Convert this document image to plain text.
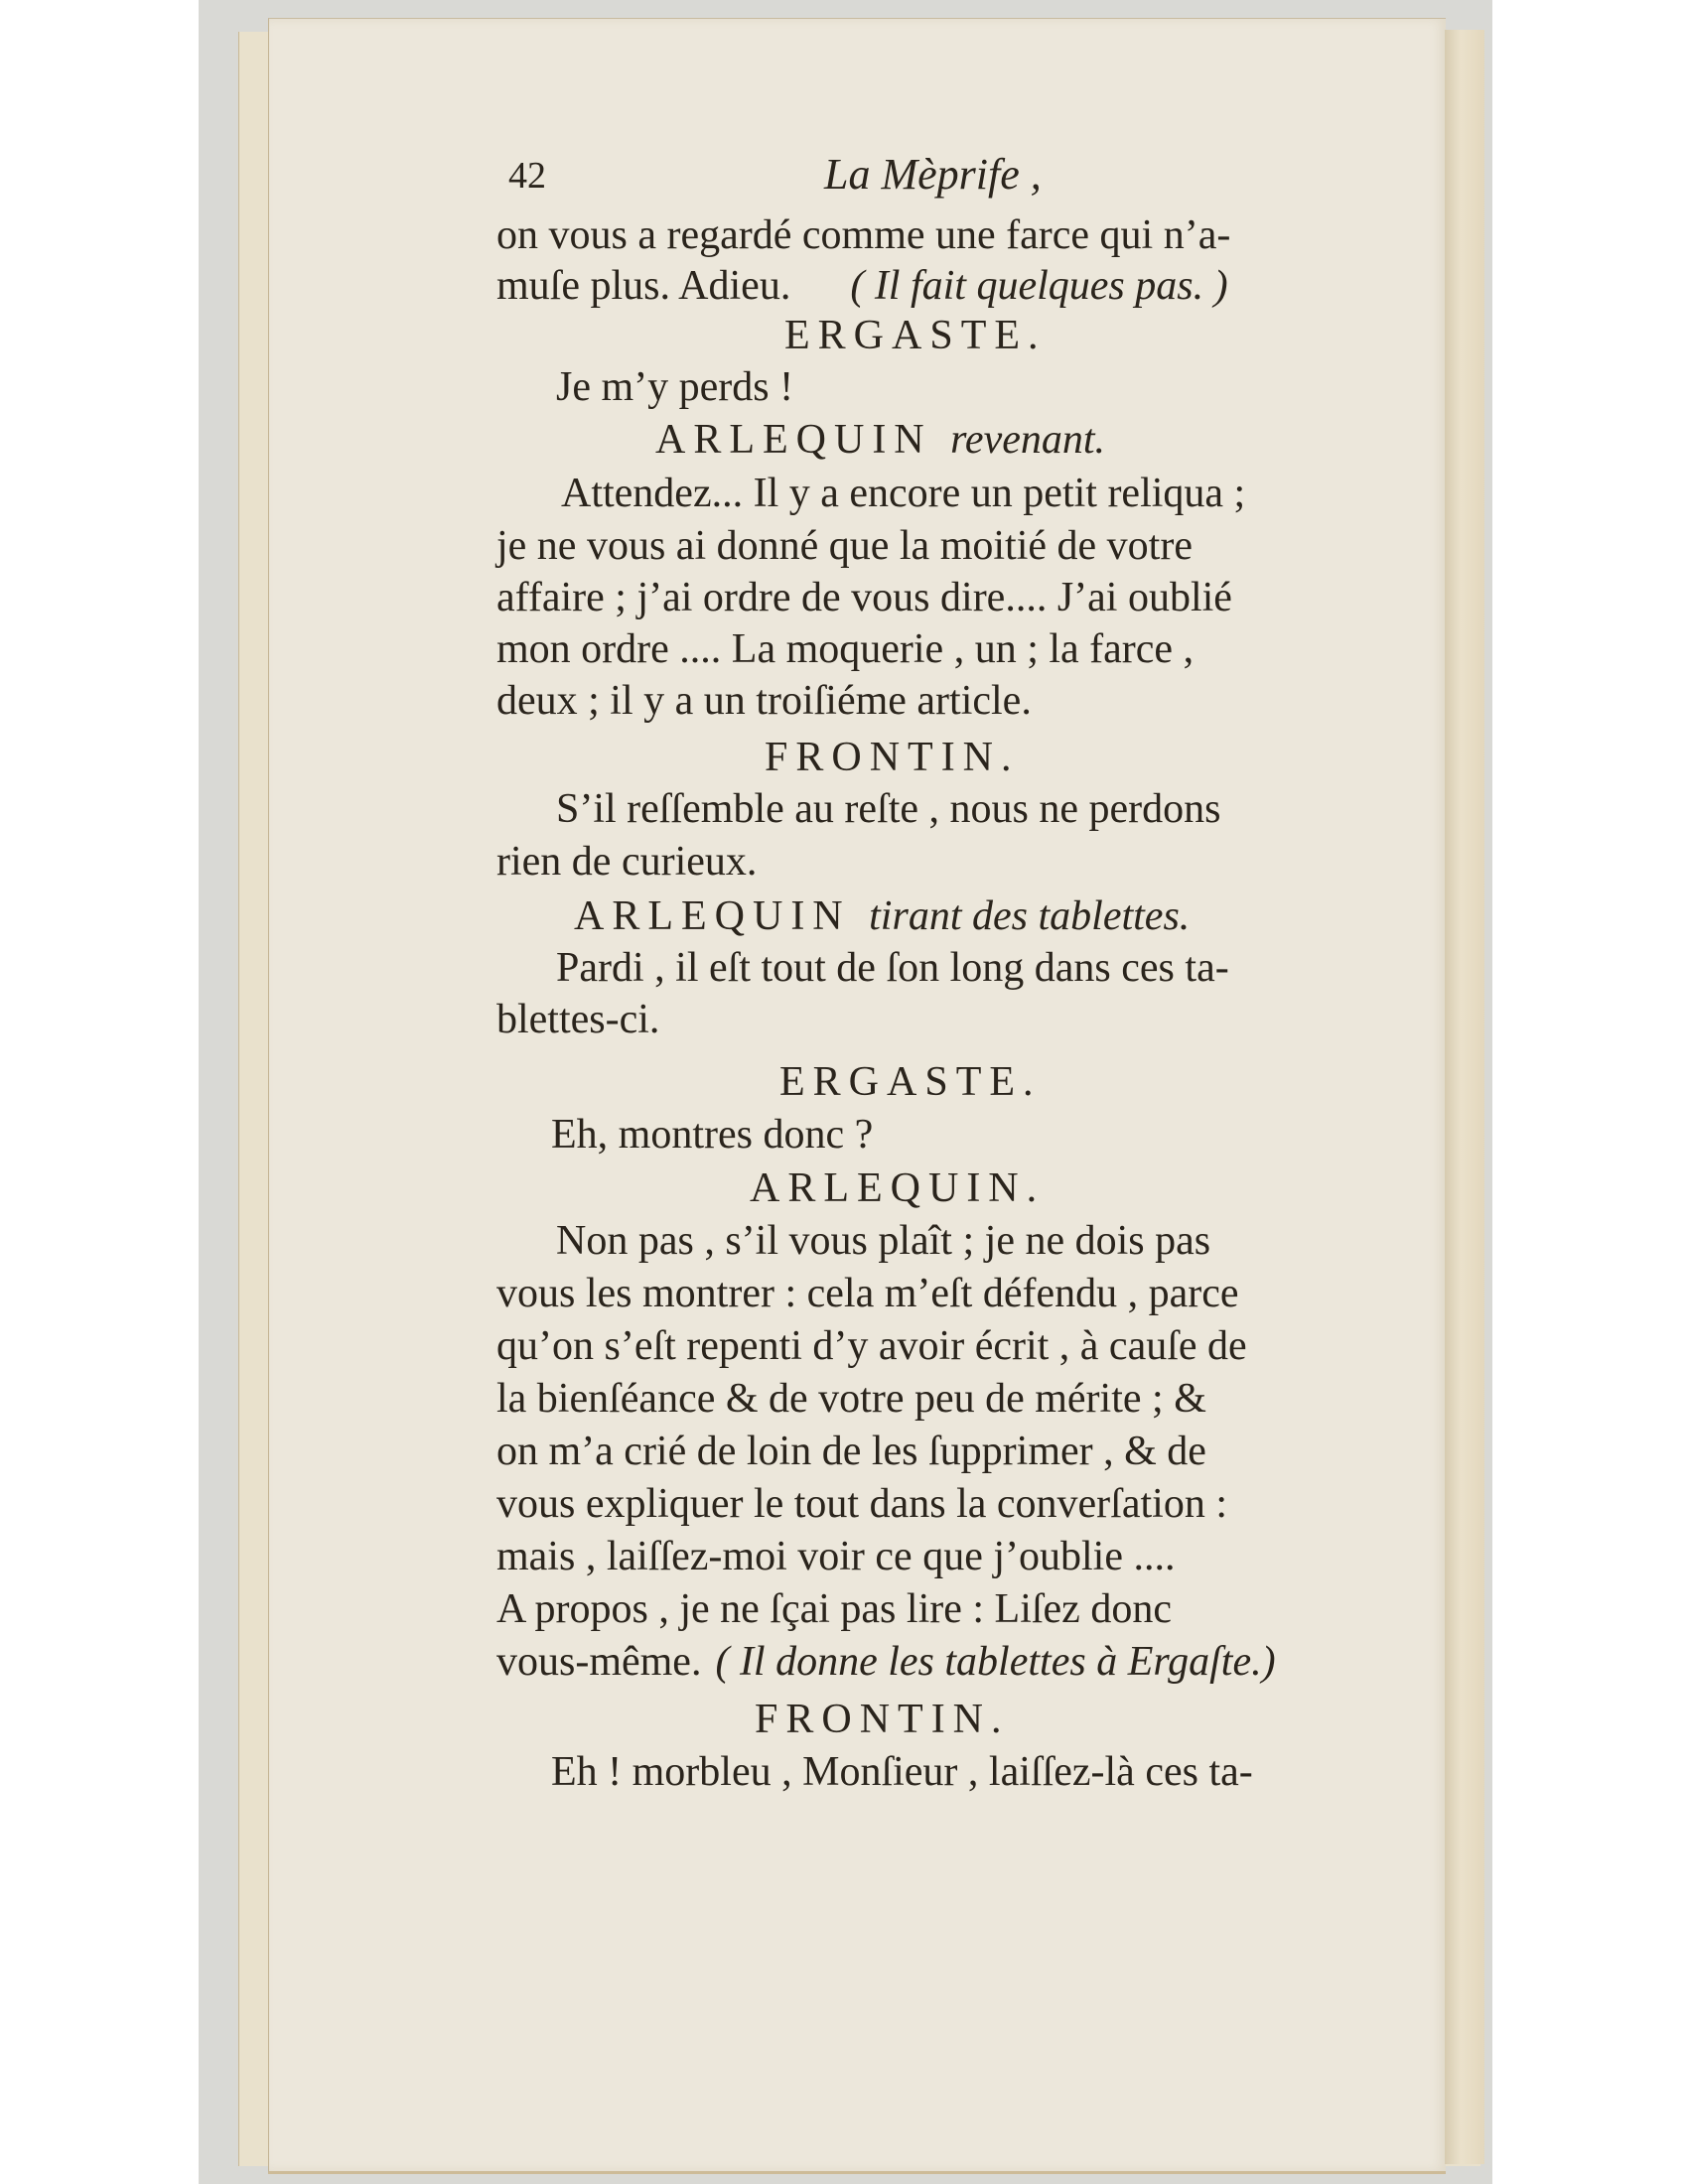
42	La Mèprife ,
on vous a regardé comme une farce qui n’a-
muſe plus. Adieu. ( Il fait quelques pas. )
ERGASTE.
Je m’y perds !
ARLEQUIN revenant.
Attendez... Il y a encore un petit reliqua ;
je ne vous ai donné que la moitié de votre
affaire ; j’ai ordre de vous dire.... J’ai oublié
mon ordre .... La moquerie , un ; la farce ,
deux ; il y a un troiſiéme article.
FRONTIN.
S’il reſſemble au reſte , nous ne perdons
rien de curieux.
ARLEQUIN tirant des tablettes.
Pardi , il eſt tout de ſon long dans ces ta-
blettes-ci.
ERGASTE.
Eh, montres donc ?
ARLEQUIN.
Non pas , s’il vous plaît ; je ne dois pas
vous les montrer : cela m’eſt défendu , parce
qu’on s’eſt repenti d’y avoir écrit , à cauſe de
la bienſéance & de votre peu de mérite ; &
on m’a crié de loin de les ſupprimer , & de
vous expliquer le tout dans la converſation :
mais , laiſſez-moi voir ce que j’oublie ....
A propos , je ne ſçai pas lire : Liſez donc
vous-même. ( Il donne les tablettes à Ergaſte.)
FRONTIN.
Eh ! morbleu , Monſieur , laiſſez-là ces ta-
